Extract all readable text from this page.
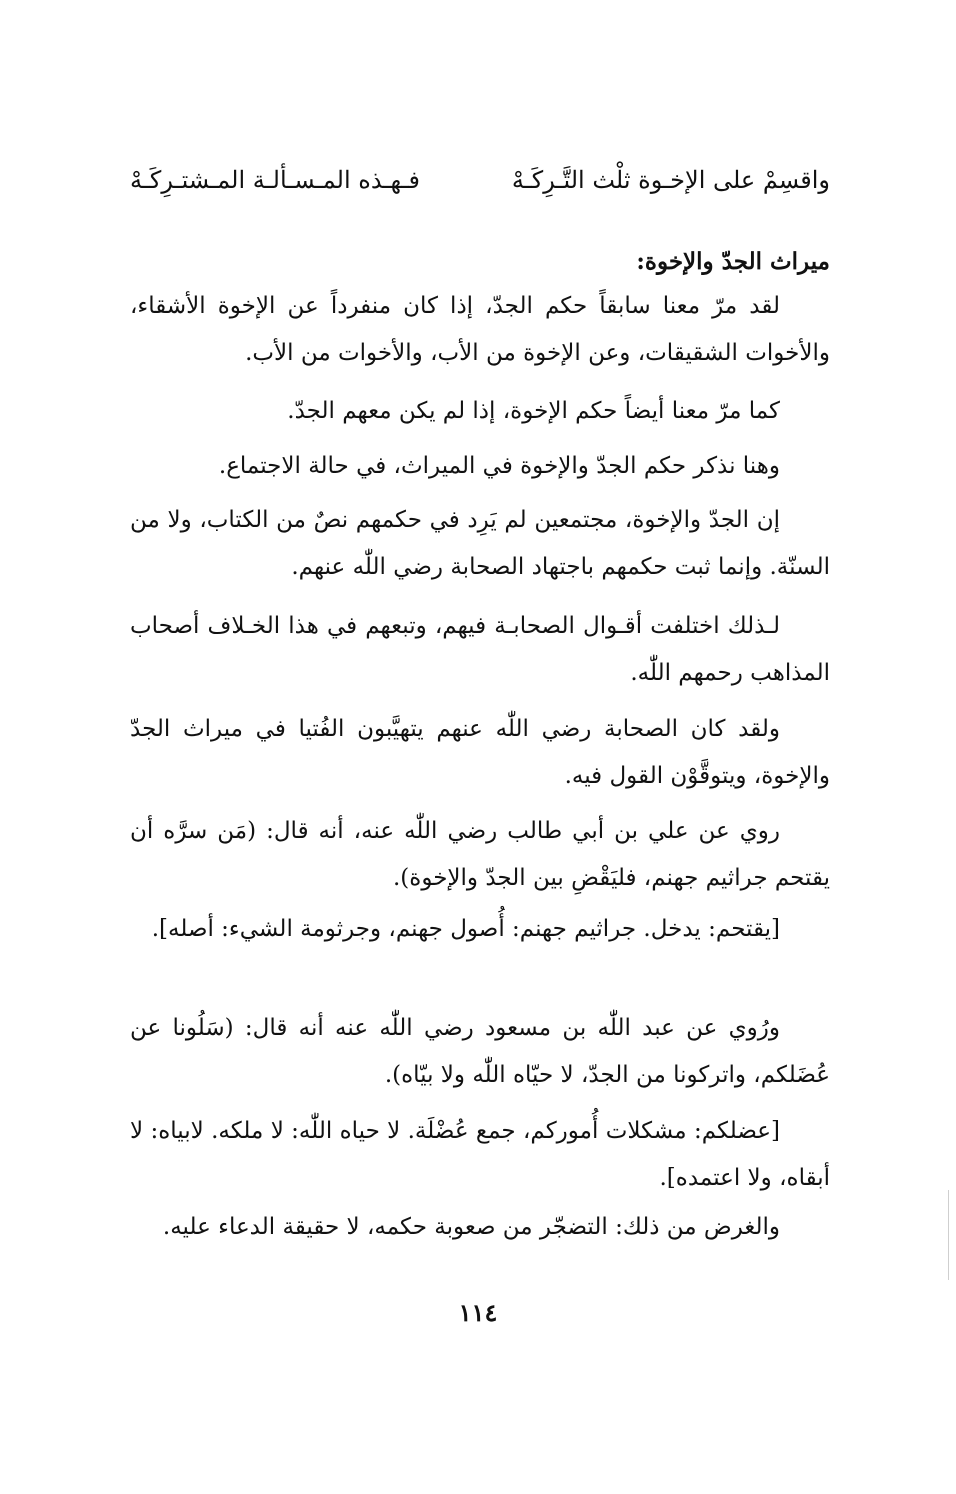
واقسِمْ على الإخـوة ثلْث التَّـرِكَـهْ
فـهـذه المـسـألـة المـشتـرِكَـهْ
ميراث الجدّ والإخوة:

لقد مرّ معنا سابقاً حكم الجدّ، إذا كان منفرداً عن الإخوة الأشقاء، والأخوات الشقيقات، وعن الإخوة من الأب، والأخوات من الأب.

كما مرّ معنا أيضاً حكم الإخوة، إذا لم يكن معهم الجدّ.

وهنا نذكر حكم الجدّ والإخوة في الميراث، في حالة الاجتماع.

إن الجدّ والإخوة، مجتمعين لم يَرِد في حكمهم نصٌ من الكتاب، ولا من السنّة. وإنما ثبت حكمهم باجتهاد الصحابة رضي اللّٰه عنهم.

لـذلك اختلفت أقـوال الصحابـة فيهم، وتبعهم في هذا الخـلاف أصحاب المذاهب رحمهم اللّٰه.

ولقد كان الصحابة رضي اللّٰه عنهم يتهيَّبون الفُتيا في ميراث الجدّ والإخوة، ويتوقَّوْن القول فيه.

روي عن علي بن أبي طالب رضي اللّٰه عنه، أنه قال: (مَن سرَّه أن يقتحم جراثيم جهنم، فليَقْضِ بين الجدّ والإخوة).

[يقتحم: يدخل. جراثيم جهنم: أُصول جهنم، وجرثومة الشيء: أصله].

ورُوي عن عبد اللّٰه بن مسعود رضي اللّٰه عنه أنه قال: (سَلُونا عن عُضَلكم، واتركونا من الجدّ، لا حيّاه اللّٰه ولا بيّاه).

[عضلكم: مشكلات أُموركم، جمع عُضْلَة. لا حياه اللّٰه: لا ملكه. لابياه: لا أبقاه، ولا اعتمده].

والغرض من ذلك: التضجّر من صعوبة حكمه، لا حقيقة الدعاء عليه.

١١٤
